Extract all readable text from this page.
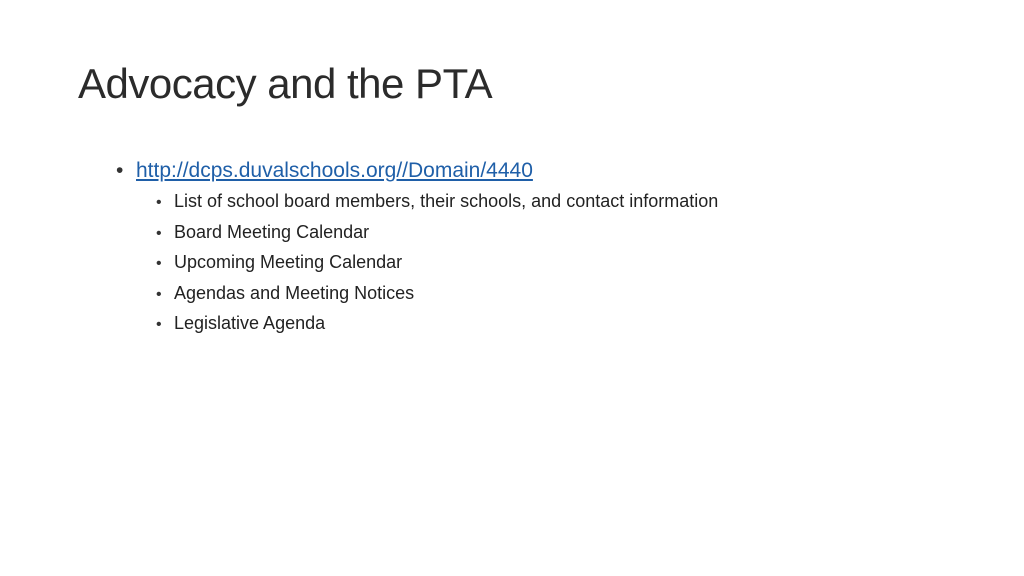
Advocacy and the PTA
• http://dcps.duvalschools.org//Domain/4440
• List of school board members, their schools, and contact information
• Board Meeting Calendar
• Upcoming Meeting Calendar
• Agendas and Meeting Notices
• Legislative Agenda
